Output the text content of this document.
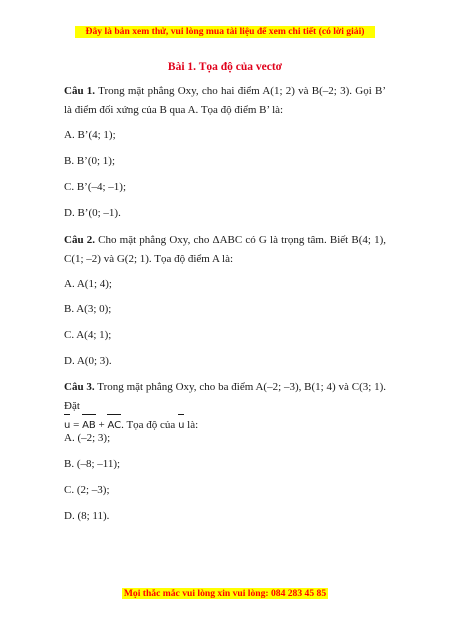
Đây là bản xem thử, vui lòng mua tài liệu để xem chi tiết (có lời giải)
Bài 1. Tọa độ của vectơ
Câu 1. Trong mặt phẳng Oxy, cho hai điểm A(1; 2) và B(–2; 3). Gọi B’ là điểm đối xứng của B qua A. Tọa độ điểm B’ là:
A. B’(4; 1);
B. B’(0; 1);
C. B’(–4; –1);
D. B’(0; –1).
Câu 2. Cho mặt phẳng Oxy, cho ΔABC có G là trọng tâm. Biết B(4; 1), C(1; –2) và G(2; 1). Tọa độ điểm A là:
A. A(1; 4);
B. A(3; 0);
C. A(4; 1);
D. A(0; 3).
Câu 3. Trong mặt phẳng Oxy, cho ba điểm A(–2; –3), B(1; 4) và C(3; 1). Đặt
u = AB + AC. Tọa độ của u là:
A. (–2; 3);
B. (–8; –11);
C. (2; –3);
D. (8; 11).
Mọi thắc mắc vui lòng xin vui lòng: 084 283 45 85
